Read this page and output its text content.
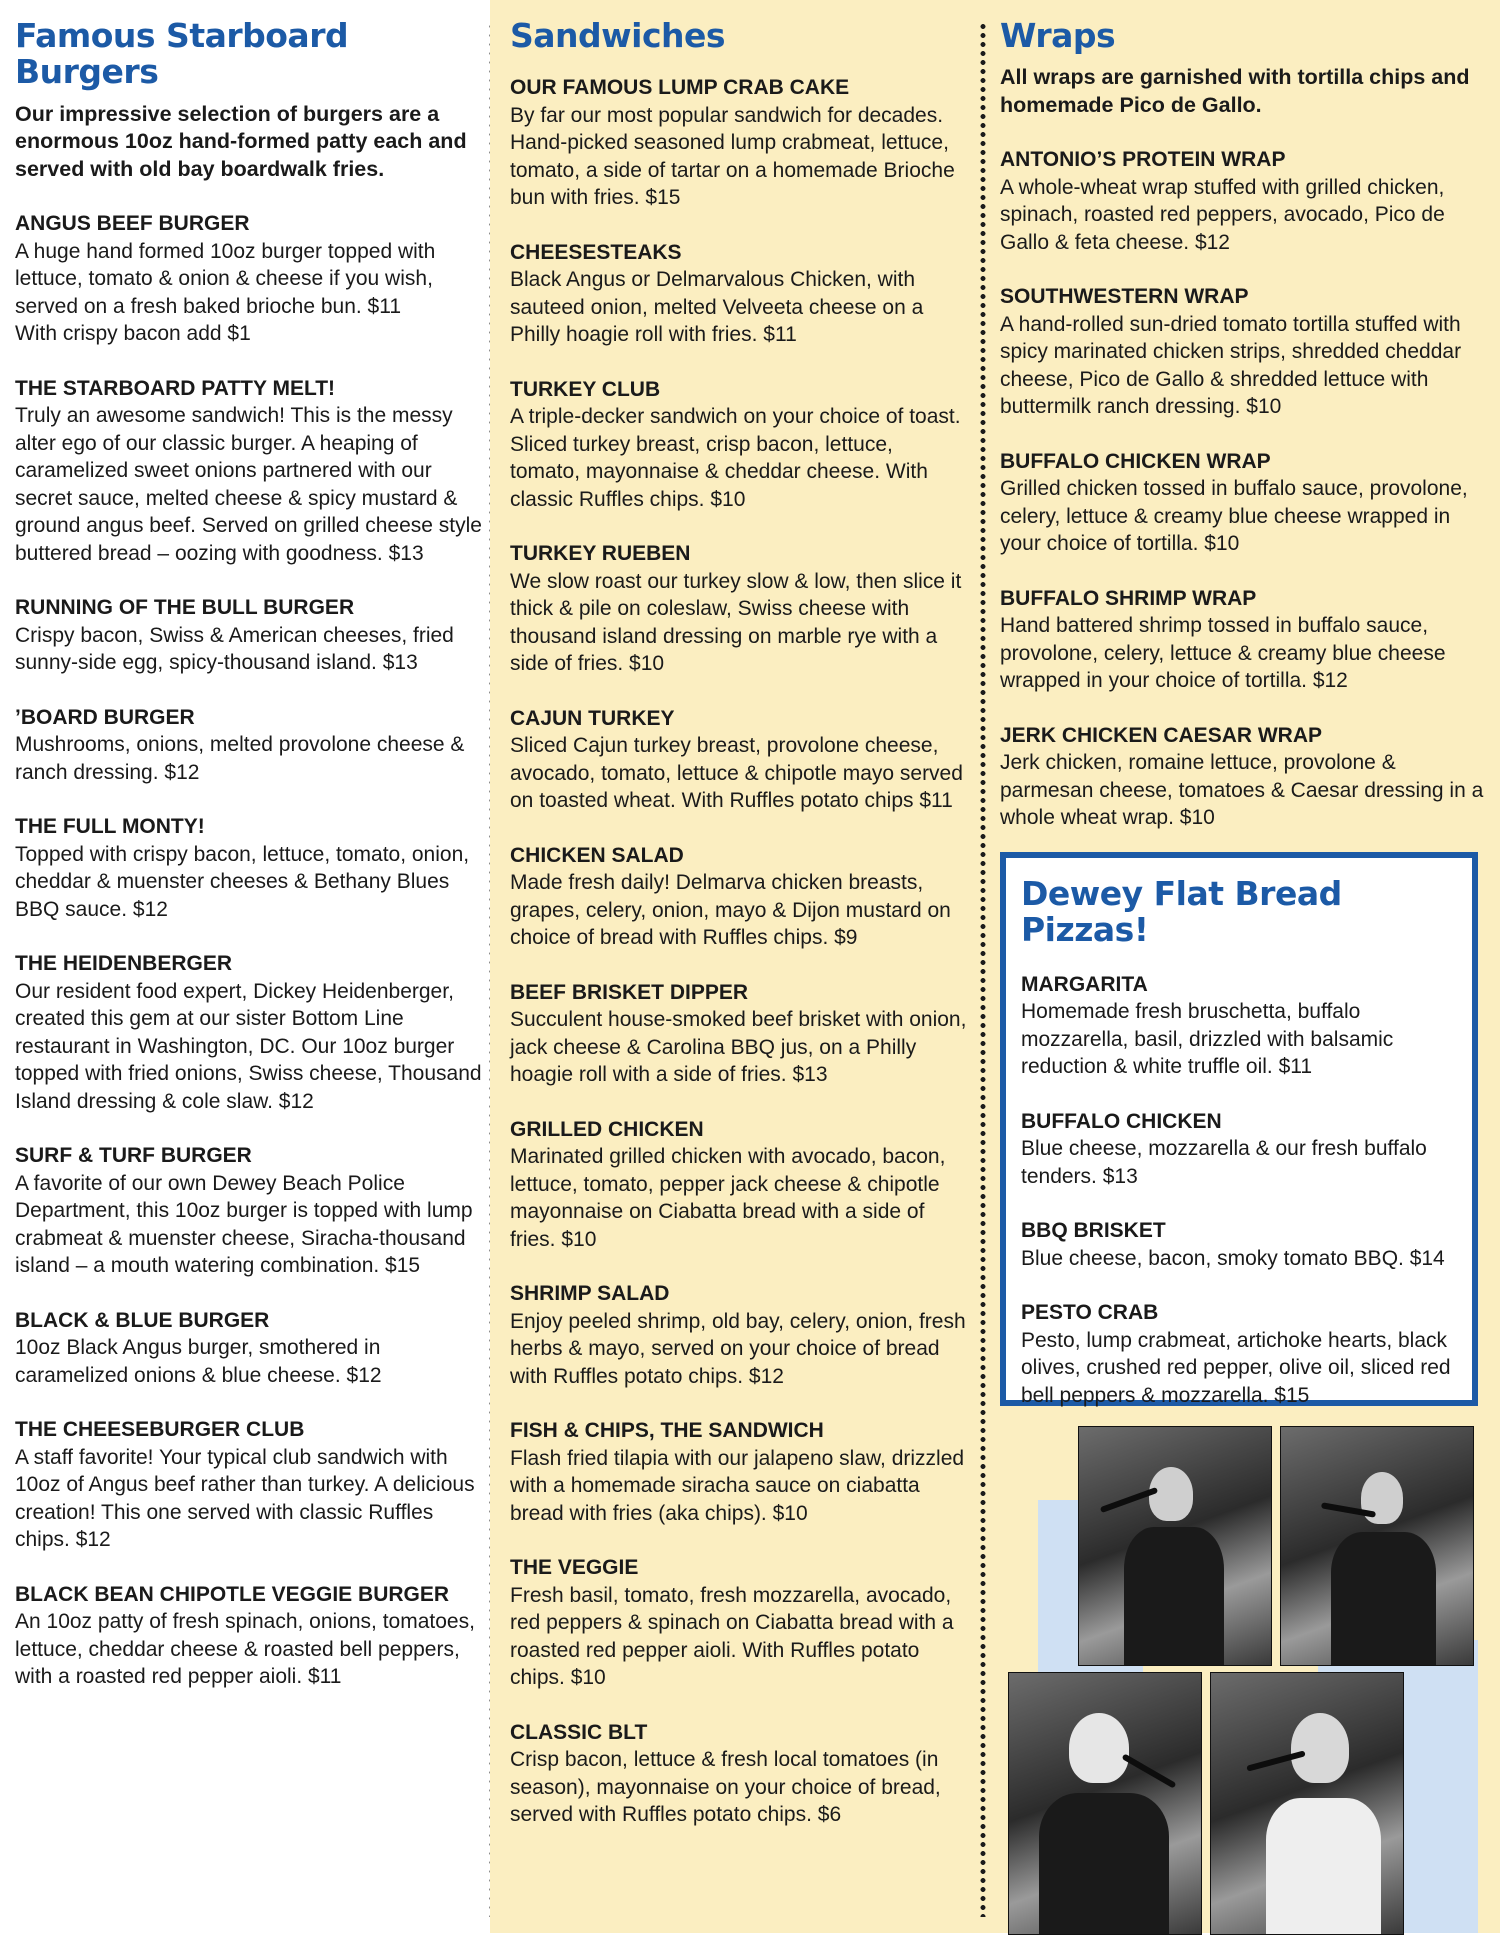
Famous Starboard Burgers

Our impressive selection of burgers are a enormous 10oz hand-formed patty each and served with old bay boardwalk fries.

ANGUS BEEF BURGER
A huge hand formed 10oz burger topped with lettuce, tomato & onion & cheese if you wish, served on a fresh baked brioche bun. $11
With crispy bacon add $1
THE STARBOARD PATTY MELT!
Truly an awesome sandwich! This is the messy alter ego of our classic burger. A heaping of caramelized sweet onions partnered with our secret sauce, melted cheese & spicy mustard & ground angus beef. Served on grilled cheese style buttered bread – oozing with goodness. $13
RUNNING OF THE BULL BURGER
Crispy bacon, Swiss & American cheeses, fried sunny-side egg, spicy-thousand island. $13
’BOARD BURGER
Mushrooms, onions, melted provolone cheese & ranch dressing. $12
THE FULL MONTY!
Topped with crispy bacon, lettuce, tomato, onion, cheddar & muenster cheeses & Bethany Blues BBQ sauce. $12
THE HEIDENBERGER
Our resident food expert, Dickey Heidenberger, created this gem at our sister Bottom Line restaurant in Washington, DC. Our 10oz burger topped with fried onions, Swiss cheese, Thousand Island dressing & cole slaw. $12
SURF & TURF BURGER
A favorite of our own Dewey Beach Police Department, this 10oz burger is topped with lump crabmeat & muenster cheese, Siracha-thousand island – a mouth watering combination. $15
BLACK & BLUE BURGER
10oz Black Angus burger, smothered in caramelized onions & blue cheese. $12
THE CHEESEBURGER CLUB
A staff favorite! Your typical club sandwich with 10oz of Angus beef rather than turkey. A delicious creation! This one served with classic Ruffles chips. $12
BLACK BEAN CHIPOTLE VEGGIE BURGER
An 10oz patty of fresh spinach, onions, tomatoes, lettuce, cheddar cheese & roasted bell peppers, with a roasted red pepper aioli. $11
Sandwiches
OUR FAMOUS LUMP CRAB CAKE
By far our most popular sandwich for decades. Hand-picked seasoned lump crabmeat, lettuce, tomato, a side of tartar on a homemade Brioche bun with fries. $15
CHEESESTEAKS
Black Angus or Delmarvalous Chicken, with sauteed onion, melted Velveeta cheese on a Philly hoagie roll with fries. $11
TURKEY CLUB
A triple-decker sandwich on your choice of toast. Sliced turkey breast, crisp bacon, lettuce, tomato, mayonnaise & cheddar cheese. With classic Ruffles chips. $10
TURKEY RUEBEN
We slow roast our turkey slow & low, then slice it thick & pile on coleslaw, Swiss cheese with thousand island dressing on marble rye with a side of fries. $10
CAJUN TURKEY
Sliced Cajun turkey breast, provolone cheese, avocado, tomato, lettuce & chipotle mayo served on toasted wheat. With Ruffles potato chips $11
CHICKEN SALAD
Made fresh daily! Delmarva chicken breasts, grapes, celery, onion, mayo & Dijon mustard on choice of bread with Ruffles chips. $9
BEEF BRISKET DIPPER
Succulent house-smoked beef brisket with onion, jack cheese & Carolina BBQ jus, on a Philly hoagie roll with a side of fries. $13
GRILLED CHICKEN
Marinated grilled chicken with avocado, bacon, lettuce, tomato, pepper jack cheese & chipotle mayonnaise on Ciabatta bread with a side of fries. $10
SHRIMP SALAD
Enjoy peeled shrimp, old bay, celery, onion, fresh herbs & mayo, served on your choice of bread with Ruffles potato chips. $12
FISH & CHIPS, THE SANDWICH
Flash fried tilapia with our jalapeno slaw, drizzled with a homemade siracha sauce on ciabatta bread with fries (aka chips). $10
THE VEGGIE
Fresh basil, tomato, fresh mozzarella, avocado, red peppers & spinach on Ciabatta bread with a roasted red pepper aioli. With Ruffles potato chips. $10
CLASSIC BLT
Crisp bacon, lettuce & fresh local tomatoes (in season), mayonnaise on your choice of bread, served with Ruffles potato chips. $6
Wraps

All wraps are garnished with tortilla chips and homemade Pico de Gallo.

ANTONIO’S PROTEIN WRAP
A whole-wheat wrap stuffed with grilled chicken, spinach, roasted red peppers, avocado, Pico de Gallo & feta cheese. $12
SOUTHWESTERN WRAP
A hand-rolled sun-dried tomato tortilla stuffed with spicy marinated chicken strips, shredded cheddar cheese, Pico de Gallo & shredded lettuce with buttermilk ranch dressing. $10
BUFFALO CHICKEN WRAP
Grilled chicken tossed in buffalo sauce, provolone, celery, lettuce & creamy blue cheese wrapped in your choice of tortilla. $10
BUFFALO SHRIMP WRAP
Hand battered shrimp tossed in buffalo sauce, provolone, celery, lettuce & creamy blue cheese wrapped in your choice of tortilla. $12
JERK CHICKEN CAESAR WRAP
Jerk chicken, romaine lettuce, provolone & parmesan cheese, tomatoes & Caesar dressing in a whole wheat wrap. $10
Dewey Flat Bread Pizzas!
MARGARITA
Homemade fresh bruschetta, buffalo mozzarella, basil, drizzled with balsamic reduction & white truffle oil. $11
BUFFALO CHICKEN
Blue cheese, mozzarella & our fresh buffalo tenders. $13
BBQ BRISKET
Blue cheese, bacon, smoky tomato BBQ. $14
PESTO CRAB
Pesto, lump crabmeat, artichoke hearts, black olives, crushed red pepper, olive oil, sliced red bell peppers & mozzarella. $15
